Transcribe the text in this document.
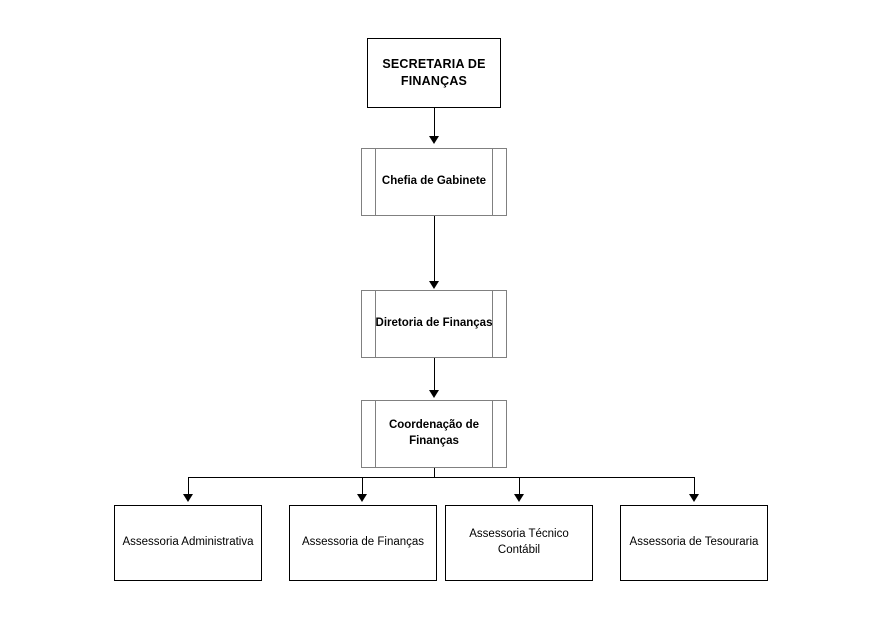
SECRETARIA DE FINANÇAS
Chefia de Gabinete
Diretoria de Finanças
Coordenação de Finanças
Assessoria Administrativa	Assessoria de Finanças
Assessoria Técnico Contábil
Assessoria de Tesouraria
